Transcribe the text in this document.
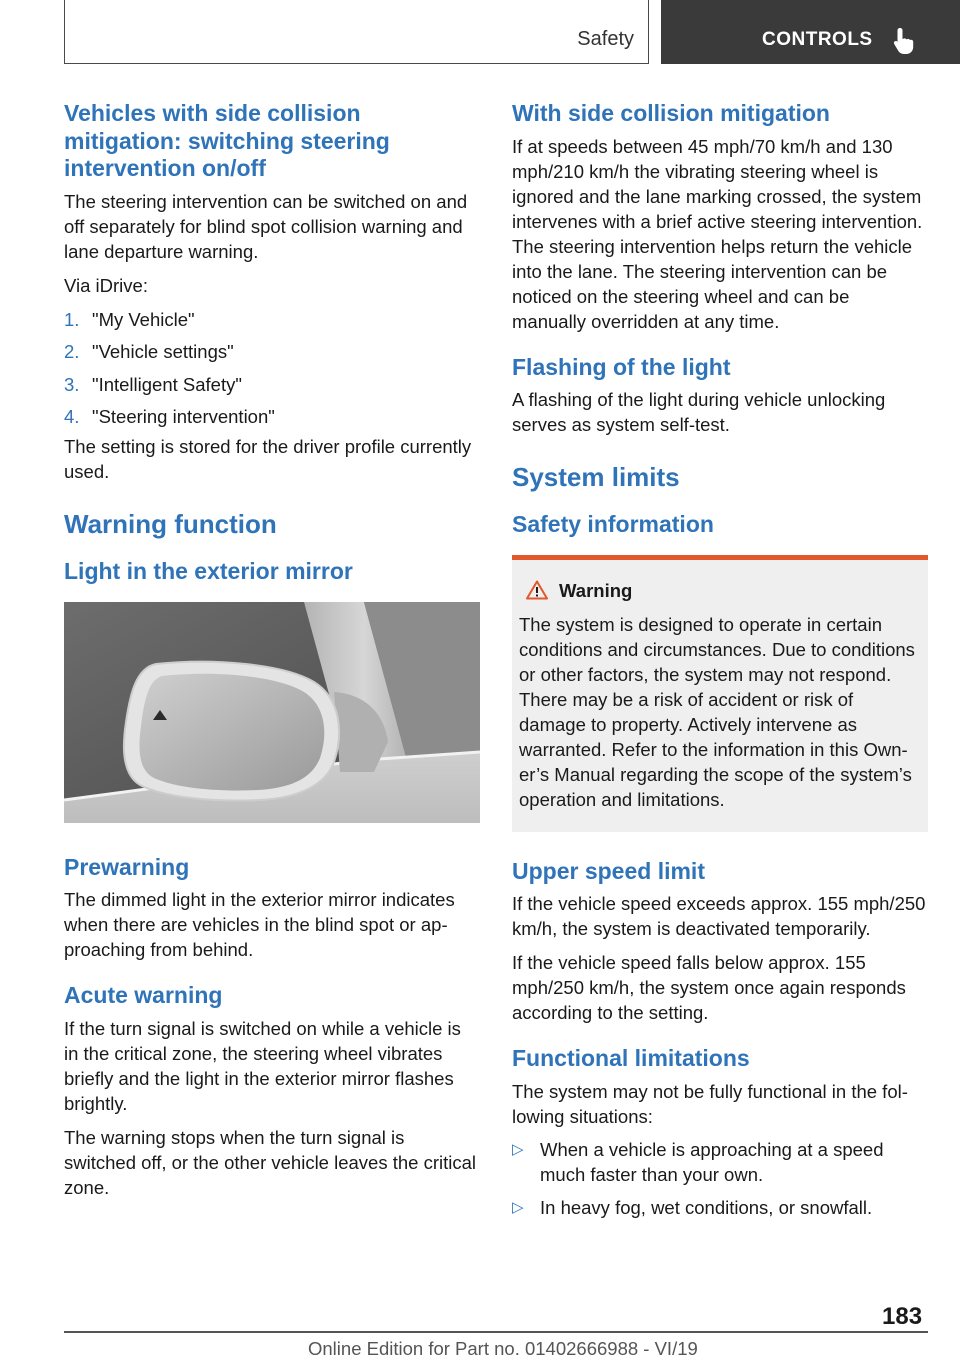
Safety	CONTROLS
Vehicles with side collision mitigation: switching steering intervention on/off

The steering intervention can be switched on and off separately for blind spot collision warning and lane departure warning.

Via iDrive:

1. "My Vehicle"
2. "Vehicle settings"
3. "Intelligent Safety"
4. "Steering intervention"

The setting is stored for the driver profile currently used.

Warning function
Light in the exterior mirror
Prewarning

The dimmed light in the exterior mirror indicates when there are vehicles in the blind spot or approaching from behind.

Acute warning

If the turn signal is switched on while a vehicle is in the critical zone, the steering wheel vibrates briefly and the light in the exterior mirror flashes brightly.

The warning stops when the turn signal is switched off, or the other vehicle leaves the critical zone.

With side collision mitigation

If at speeds between 45 mph/70 km/h and 130 mph/210 km/h the vibrating steering wheel is ignored and the lane marking crossed, the system intervenes with a brief active steering intervention. The steering intervention helps return the vehicle into the lane. The steering intervention can be noticed on the steering wheel and can be manually overridden at any time.

Flashing of the light

A flashing of the light during vehicle unlocking serves as system self-test.

System limits
Safety information
Warning

The system is designed to operate in certain conditions and circumstances. Due to conditions or other factors, the system may not respond. There may be a risk of accident or risk of damage to property. Actively intervene as warranted. Refer to the information in this Owner’s Manual regarding the scope of the system’s operation and limitations.

Upper speed limit

If the vehicle speed exceeds approx. 155 mph/250 km/h, the system is deactivated temporarily.

If the vehicle speed falls below approx. 155 mph/250 km/h, the system once again responds according to the setting.

Functional limitations

The system may not be fully functional in the following situations:

▷ When a vehicle is approaching at a speed much faster than your own.
▷ In heavy fog, wet conditions, or snowfall.
183
Online Edition for Part no. 01402666988 - VI/19
